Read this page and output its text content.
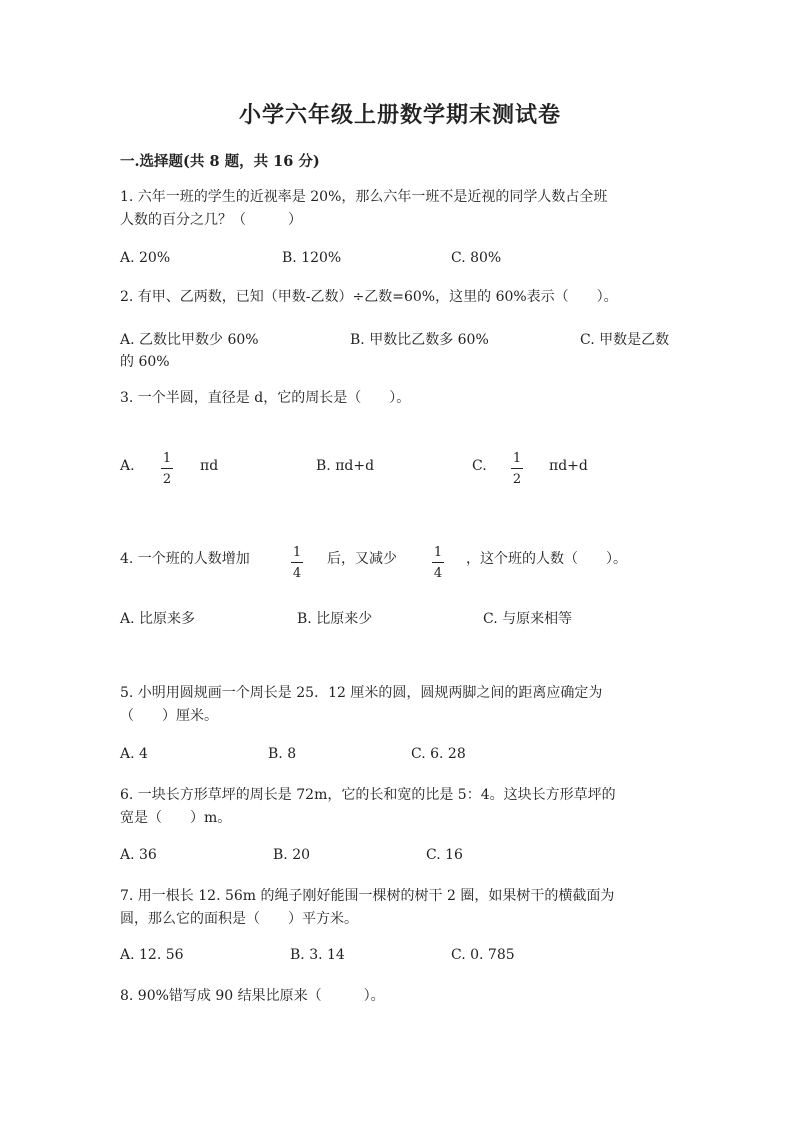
小学六年级上册数学期末测试卷
一.选择题(共 8 题，共 16 分)
1. 六年一班的学生的近视率是 20%，那么六年一班不是近视的同学人数占全班
人数的百分之几？（　　　）
A. 20%	B. 120%	C. 80%
2. 有甲、乙两数，已知（甲数-乙数）÷乙数=60%，这里的 60%表示（　　）。
A. 乙数比甲数少 60%	B. 甲数比乙数多 60%	C. 甲数是乙数
的 60%
3. 一个半圆，直径是 d，它的周长是（　　）。
A. 1
2
πd	B. πd+d	C. 1
2
πd+d
4. 一个班的人数增加	1
4
后，又减少	1
4
，这个班的人数（　　）。
A. 比原来多	B. 比原来少	C. 与原来相等
5. 小明用圆规画一个周长是 25．12 厘米的圆，圆规两脚之间的距离应确定为
（　　）厘米。
A. 4	B. 8	C. 6. 28
6. 一块长方形草坪的周长是 72m，它的长和宽的比是 5：4。这块长方形草坪的
宽是（　　）m。
A. 36	B. 20	C. 16
7. 用一根长 12. 56m 的绳子刚好能围一棵树的树干 2 圈，如果树干的横截面为
圆，那么它的面积是（　　）平方米。
A. 12. 56	B. 3. 14	C. 0. 785
8. 90%错写成 90 结果比原来（　　　）。
